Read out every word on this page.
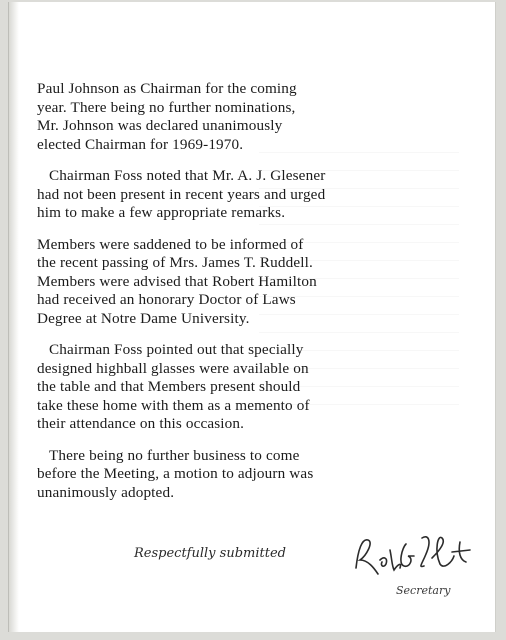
Paul Johnson as Chairman for the coming
year. There being no further nominations,
Mr. Johnson was declared unanimously
elected Chairman for 1969-1970.
Chairman Foss noted that Mr. A. J. Glesener
had not been present in recent years and urged
him to make a few appropriate remarks.
Members were saddened to be informed of
the recent passing of Mrs. James T. Ruddell.
Members were advised that Robert Hamilton
had received an honorary Doctor of Laws
Degree at Notre Dame University.
Chairman Foss pointed out that specially
designed highball glasses were available on
the table and that Members present should
take these home with them as a memento of
their attendance on this occasion.
There being no further business to come
before the Meeting, a motion to adjourn was
unanimously adopted.
Respectfully submitted
Secretary
